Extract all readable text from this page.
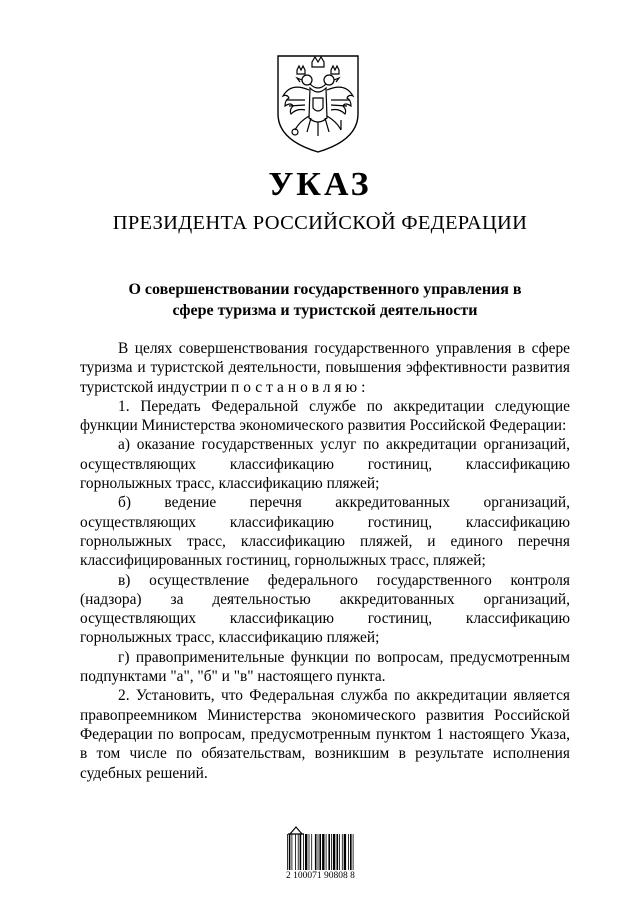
УКАЗ
ПРЕЗИДЕНТА РОССИЙСКОЙ ФЕДЕРАЦИИ
О совершенствовании государственного управления в
сфере туризма и туристской деятельности

В целях совершенствования государственного управления в сфере туризма и туристской деятельности, повышения эффективности развития туристской индустрии постановляю:

1. Передать Федеральной службе по аккредитации следующие функции Министерства экономического развития Российской Федерации:

а) оказание государственных услуг по аккредитации организаций, осуществляющих классификацию гостиниц, классификацию горнолыжных трасс, классификацию пляжей;

б) ведение перечня аккредитованных организаций, осуществляющих классификацию гостиниц, классификацию горнолыжных трасс, классификацию пляжей, и единого перечня классифицированных гостиниц, горнолыжных трасс, пляжей;

в) осуществление федерального государственного контроля (надзора) за деятельностью аккредитованных организаций, осуществляющих классификацию гостиниц, классификацию горнолыжных трасс, классификацию пляжей;

г) правоприменительные функции по вопросам, предусмотренным подпунктами "а", "б" и "в" настоящего пункта.

2. Установить, что Федеральная служба по аккредитации является правопреемником Министерства экономического развития Российской Федерации по вопросам, предусмотренным пунктом 1 настоящего Указа, в том числе по обязательствам, возникшим в результате исполнения судебных решений.

2 100071 90808 8
